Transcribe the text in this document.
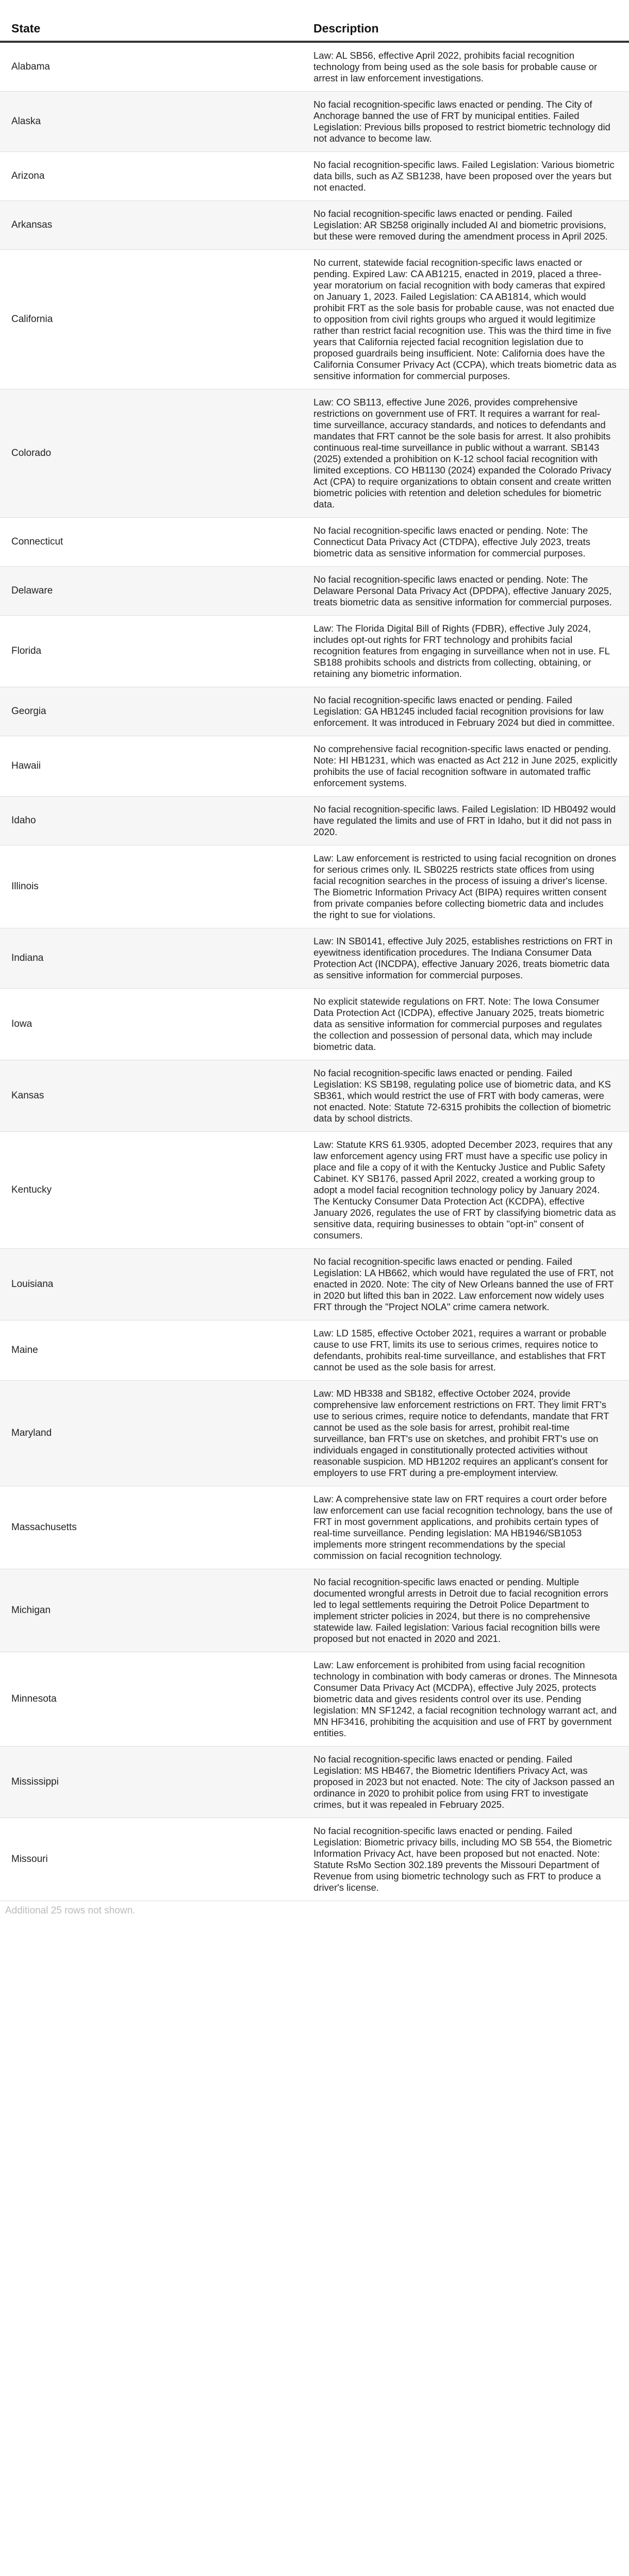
State	Description
Alabama	Law: AL SB56, effective April 2022, prohibits facial recognition technology from being used as the sole basis for probable cause or arrest in law enforcement investigations.
Alaska	No facial recognition-specific laws enacted or pending. The City of Anchorage banned the use of FRT by municipal entities. Failed Legislation: Previous bills proposed to restrict biometric technology did not advance to become law.
Arizona	No facial recognition-specific laws. Failed Legislation: Various biometric data bills, such as AZ SB1238, have been proposed over the years but not enacted.
Arkansas	No facial recognition-specific laws enacted or pending. Failed Legislation: AR SB258 originally included AI and biometric provisions, but these were removed during the amendment process in April 2025.
California	No current, statewide facial recognition-specific laws enacted or pending. Expired Law: CA AB1215, enacted in 2019, placed a three-year moratorium on facial recognition with body cameras that expired on January 1, 2023. Failed Legislation: CA AB1814, which would prohibit FRT as the sole basis for probable cause, was not enacted due to opposition from civil rights groups who argued it would legitimize rather than restrict facial recognition use. This was the third time in five years that California rejected facial recognition legislation due to proposed guardrails being insufficient. Note: California does have the California Consumer Privacy Act (CCPA), which treats biometric data as sensitive information for commercial purposes.
Colorado	Law: CO SB113, effective June 2026, provides comprehensive restrictions on government use of FRT. It requires a warrant for real-time surveillance, accuracy standards, and notices to defendants and mandates that FRT cannot be the sole basis for arrest. It also prohibits continuous real-time surveillance in public without a warrant. SB143 (2025) extended a prohibition on K-12 school facial recognition with limited exceptions. CO HB1130 (2024) expanded the Colorado Privacy Act (CPA) to require organizations to obtain consent and create written biometric policies with retention and deletion schedules for biometric data.
Connecticut	No facial recognition-specific laws enacted or pending. Note: The Connecticut Data Privacy Act (CTDPA), effective July 2023, treats biometric data as sensitive information for commercial purposes.
Delaware	No facial recognition-specific laws enacted or pending. Note: The Delaware Personal Data Privacy Act (DPDPA), effective January 2025, treats biometric data as sensitive information for commercial purposes.
Florida	Law: The Florida Digital Bill of Rights (FDBR), effective July 2024, includes opt-out rights for FRT technology and prohibits facial recognition features from engaging in surveillance when not in use. FL SB188 prohibits schools and districts from collecting, obtaining, or retaining any biometric information.
Georgia	No facial recognition-specific laws enacted or pending. Failed Legislation: GA HB1245 included facial recognition provisions for law enforcement. It was introduced in February 2024 but died in committee.
Hawaii	No comprehensive facial recognition-specific laws enacted or pending. Note: HI HB1231, which was enacted as Act 212 in June 2025, explicitly prohibits the use of facial recognition software in automated traffic enforcement systems.
Idaho	No facial recognition-specific laws. Failed Legislation: ID HB0492 would have regulated the limits and use of FRT in Idaho, but it did not pass in 2020.
Illinois	Law: Law enforcement is restricted to using facial recognition on drones for serious crimes only. IL SB0225 restricts state offices from using facial recognition searches in the process of issuing a driver's license. The Biometric Information Privacy Act (BIPA) requires written consent from private companies before collecting biometric data and includes the right to sue for violations.
Indiana	Law: IN SB0141, effective July 2025, establishes restrictions on FRT in eyewitness identification procedures. The Indiana Consumer Data Protection Act (INCDPA), effective January 2026, treats biometric data as sensitive information for commercial purposes.
Iowa	No explicit statewide regulations on FRT. Note: The Iowa Consumer Data Protection Act (ICDPA), effective January 2025, treats biometric data as sensitive information for commercial purposes and regulates the collection and possession of personal data, which may include biometric data.
Kansas	No facial recognition-specific laws enacted or pending. Failed Legislation: KS SB198, regulating police use of biometric data, and KS SB361, which would restrict the use of FRT with body cameras, were not enacted. Note: Statute 72-6315 prohibits the collection of biometric data by school districts.
Kentucky	Law: Statute KRS 61.9305, adopted December 2023, requires that any law enforcement agency using FRT must have a specific use policy in place and file a copy of it with the Kentucky Justice and Public Safety Cabinet. KY SB176, passed April 2022, created a working group to adopt a model facial recognition technology policy by January 2024. The Kentucky Consumer Data Protection Act (KCDPA), effective January 2026, regulates the use of FRT by classifying biometric data as sensitive data, requiring businesses to obtain "opt-in" consent of consumers.
Louisiana	No facial recognition-specific laws enacted or pending. Failed Legislation: LA HB662, which would have regulated the use of FRT, not enacted in 2020. Note: The city of New Orleans banned the use of FRT in 2020 but lifted this ban in 2022. Law enforcement now widely uses FRT through the "Project NOLA" crime camera network.
Maine	Law: LD 1585, effective October 2021, requires a warrant or probable cause to use FRT, limits its use to serious crimes, requires notice to defendants, prohibits real-time surveillance, and establishes that FRT cannot be used as the sole basis for arrest.
Maryland	Law: MD HB338 and SB182, effective October 2024, provide comprehensive law enforcement restrictions on FRT. They limit FRT's use to serious crimes, require notice to defendants, mandate that FRT cannot be used as the sole basis for arrest, prohibit real-time surveillance, ban FRT's use on sketches, and prohibit FRT's use on individuals engaged in constitutionally protected activities without reasonable suspicion. MD HB1202 requires an applicant's consent for employers to use FRT during a pre-employment interview.
Massachusetts	Law: A comprehensive state law on FRT requires a court order before law enforcement can use facial recognition technology, bans the use of FRT in most government applications, and prohibits certain types of real-time surveillance. Pending legislation: MA HB1946/SB1053 implements more stringent recommendations by the special commission on facial recognition technology.
Michigan	No facial recognition-specific laws enacted or pending. Multiple documented wrongful arrests in Detroit due to facial recognition errors led to legal settlements requiring the Detroit Police Department to implement stricter policies in 2024, but there is no comprehensive statewide law. Failed legislation: Various facial recognition bills were proposed but not enacted in 2020 and 2021.
Minnesota	Law: Law enforcement is prohibited from using facial recognition technology in combination with body cameras or drones. The Minnesota Consumer Data Privacy Act (MCDPA), effective July 2025, protects biometric data and gives residents control over its use. Pending legislation: MN SF1242, a facial recognition technology warrant act, and MN HF3416, prohibiting the acquisition and use of FRT by government entities.
Mississippi	No facial recognition-specific laws enacted or pending. Failed Legislation: MS HB467, the Biometric Identifiers Privacy Act, was proposed in 2023 but not enacted. Note: The city of Jackson passed an ordinance in 2020 to prohibit police from using FRT to investigate crimes, but it was repealed in February 2025.
Missouri	No facial recognition-specific laws enacted or pending. Failed Legislation: Biometric privacy bills, including MO SB 554, the Biometric Information Privacy Act, have been proposed but not enacted. Note: Statute RsMo Section 302.189 prevents the Missouri Department of Revenue from using biometric technology such as FRT to produce a driver's license.
Additional 25 rows not shown.
